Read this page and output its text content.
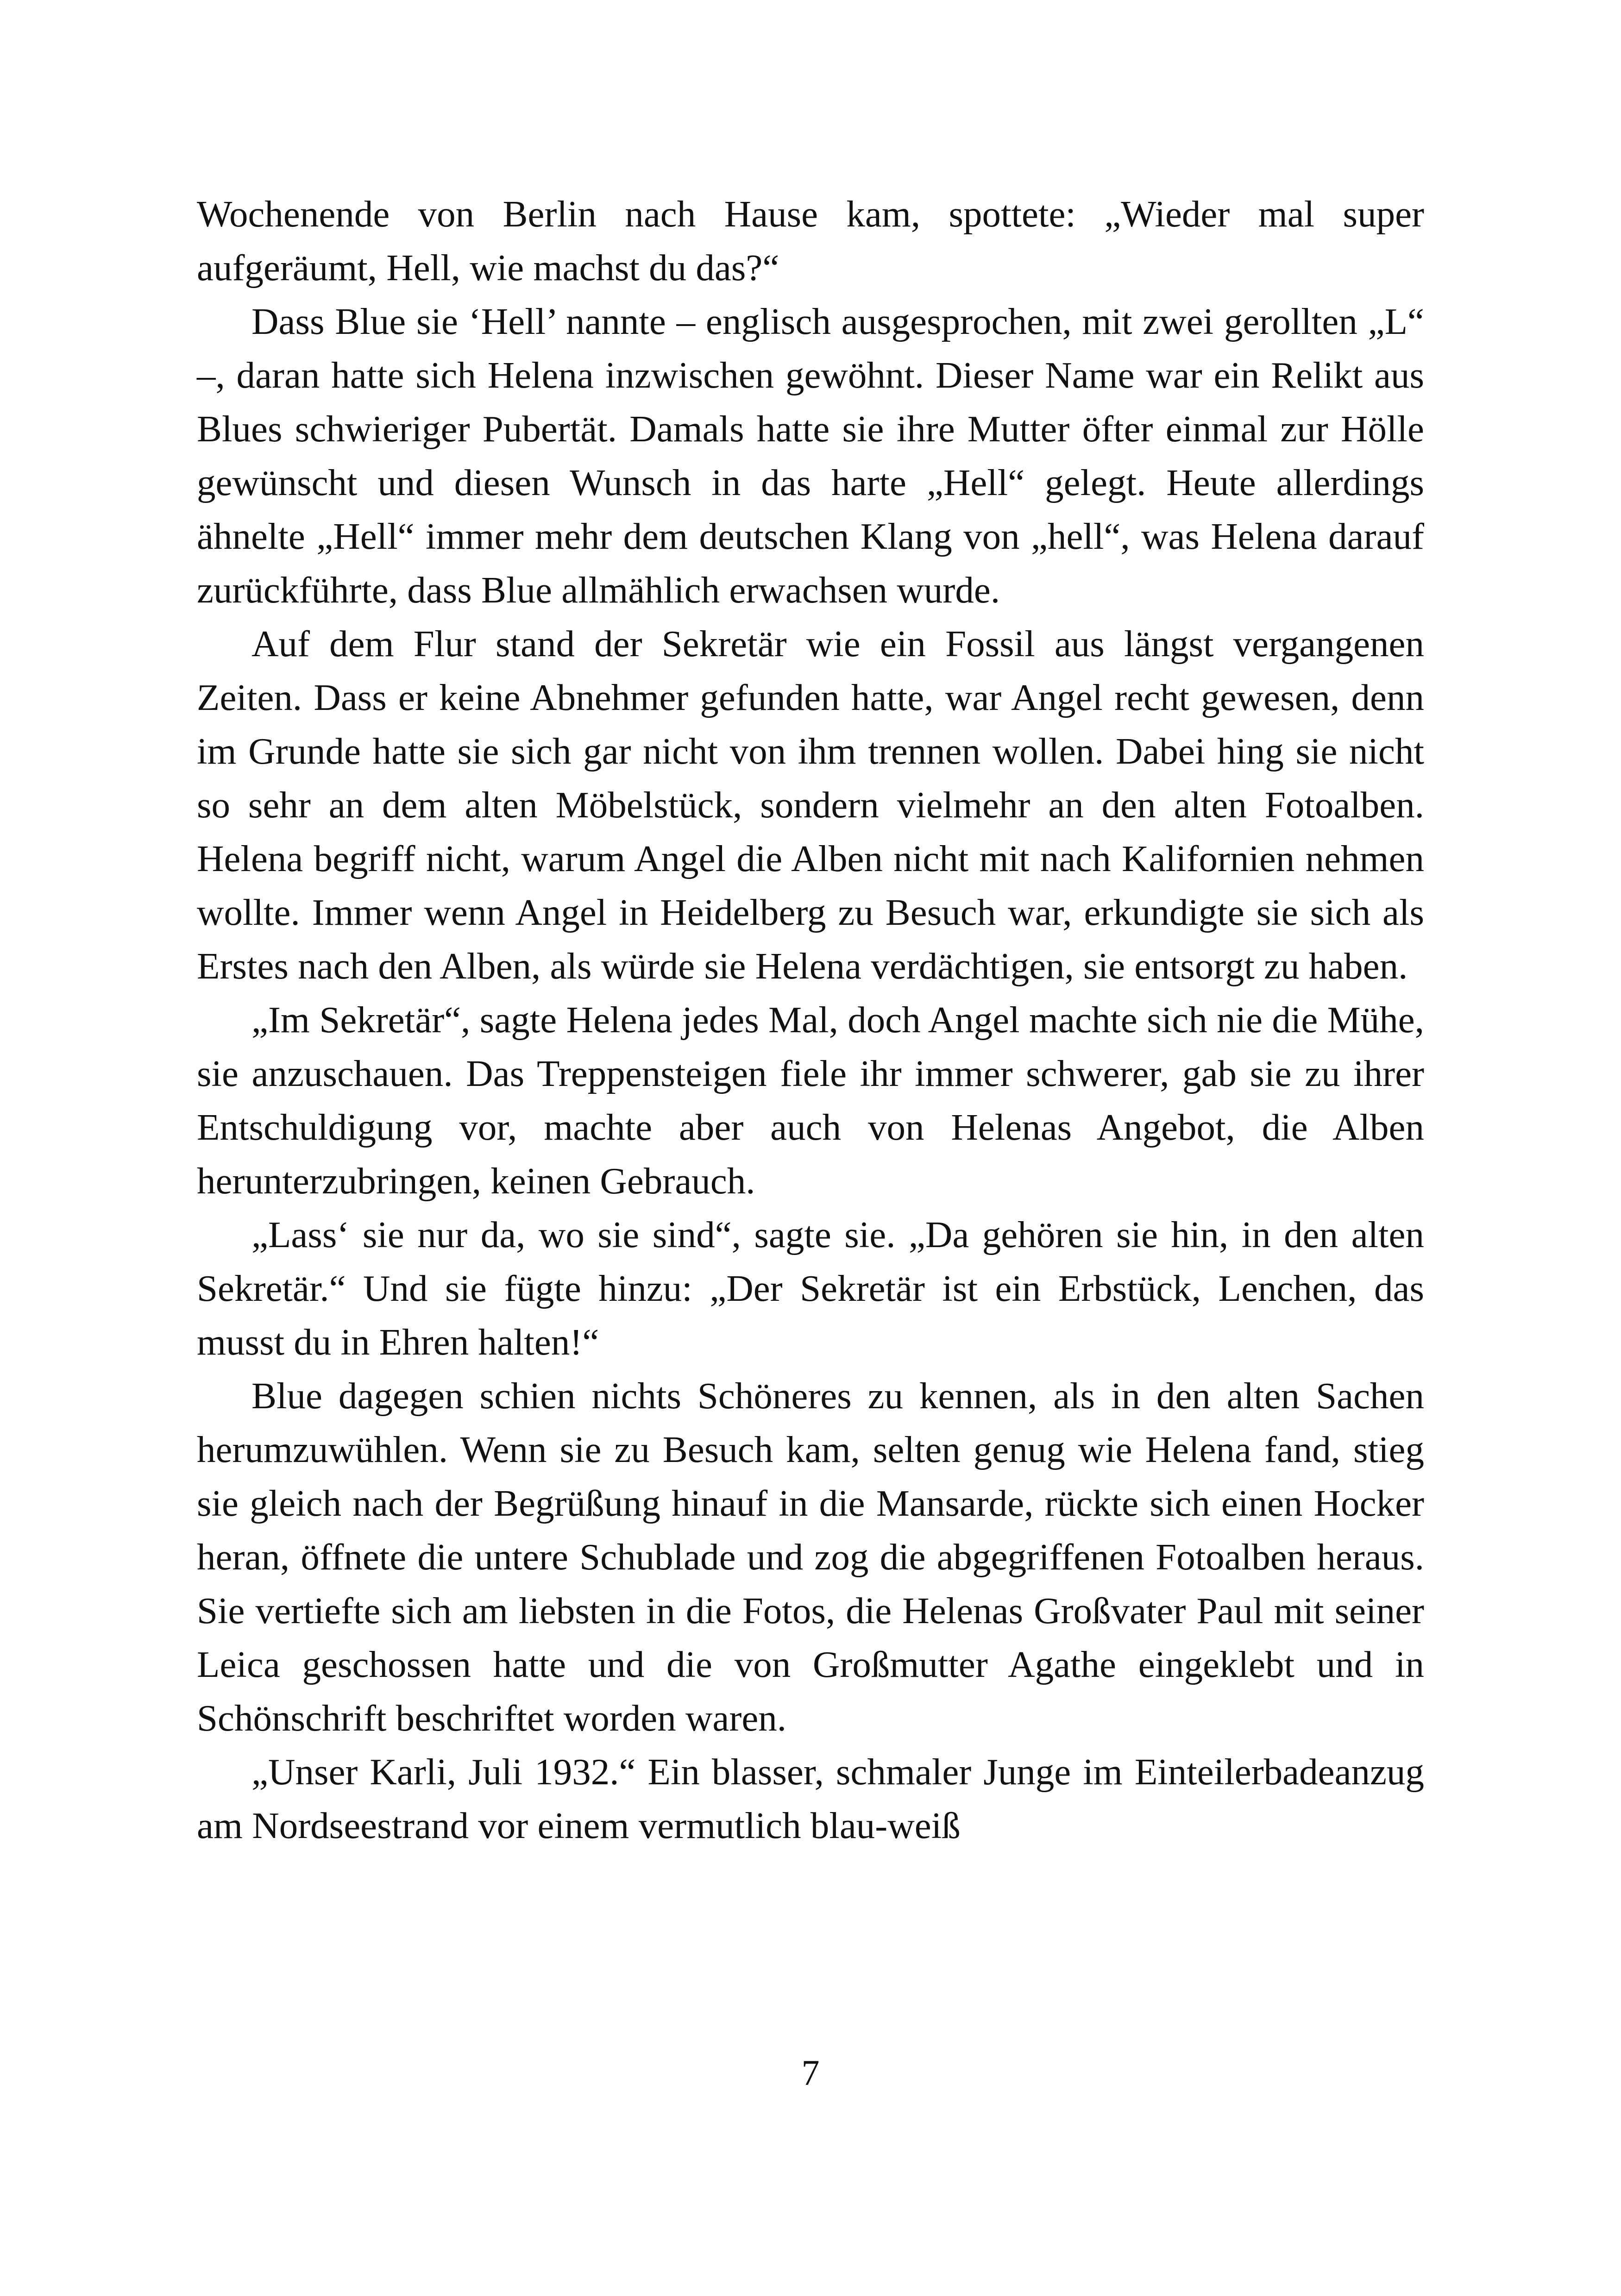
Wochenende von Berlin nach Hause kam, spottete: „Wieder mal super aufgeräumt, Hell, wie machst du das?“

Dass Blue sie ‘Hell’ nannte – englisch ausgesprochen, mit zwei gerollten „L“ –, daran hatte sich Helena inzwischen gewöhnt. Dieser Name war ein Relikt aus Blues schwieriger Pubertät. Damals hatte sie ihre Mutter öfter einmal zur Hölle gewünscht und diesen Wunsch in das harte „Hell“ gelegt. Heute allerdings ähnelte „Hell“ immer mehr dem deutschen Klang von „hell“, was Helena darauf zurückführte, dass Blue allmählich erwachsen wurde.

Auf dem Flur stand der Sekretär wie ein Fossil aus längst vergangenen Zeiten. Dass er keine Abnehmer gefunden hatte, war Angel recht gewesen, denn im Grunde hatte sie sich gar nicht von ihm trennen wollen. Dabei hing sie nicht so sehr an dem alten Möbelstück, sondern vielmehr an den alten Fotoalben. Helena begriff nicht, warum Angel die Alben nicht mit nach Kalifornien nehmen wollte. Immer wenn Angel in Heidelberg zu Besuch war, erkundigte sie sich als Erstes nach den Alben, als würde sie Helena verdächtigen, sie entsorgt zu haben.

„Im Sekretär“, sagte Helena jedes Mal, doch Angel machte sich nie die Mühe, sie anzuschauen. Das Treppensteigen fiele ihr immer schwerer, gab sie zu ihrer Entschuldigung vor, machte aber auch von Helenas Angebot, die Alben herunterzubringen, keinen Gebrauch.

„Lass‘ sie nur da, wo sie sind“, sagte sie. „Da gehören sie hin, in den alten Sekretär.“ Und sie fügte hinzu: „Der Sekretär ist ein Erbstück, Lenchen, das musst du in Ehren halten!“

Blue dagegen schien nichts Schöneres zu kennen, als in den alten Sachen herumzuwühlen. Wenn sie zu Besuch kam, selten genug wie Helena fand, stieg sie gleich nach der Begrüßung hinauf in die Mansarde, rückte sich einen Hocker heran, öffnete die untere Schublade und zog die abgegriffenen Fotoalben heraus. Sie vertiefte sich am liebsten in die Fotos, die Helenas Großvater Paul mit seiner Leica geschossen hatte und die von Großmutter Agathe eingeklebt und in Schönschrift beschriftet worden waren.

„Unser Karli, Juli 1932.“ Ein blasser, schmaler Junge im Einteilerbadeanzug am Nordseestrand vor einem vermutlich blau-weiß

7
